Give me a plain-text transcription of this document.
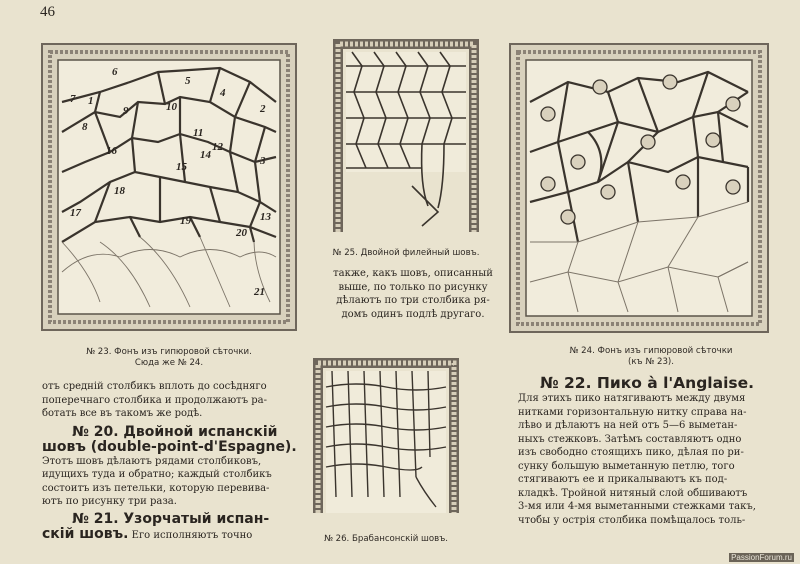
46
1
2
3
4
5
6
7
8
9	10
11
12
13
14
15
16
17
18
19
20
21
№ 23. Фонъ изъ гипюровой сѣточки.
Сюда же № 24.
№ 25. Двойной филейный шовъ.

также, какъ шовъ, описанный

выше, по только по рисунку

дѣлаютъ по три столбика ря-

домъ одинъ подлѣ другаго.

№ 24. Фонъ изъ гипюровой сѣточки
(къ № 23).
№ 26. Брабансонскій шовъ.

отъ средній столбикъ вплоть до сосѣдняго

поперечнаго столбика и продолжаютъ ра-

ботать все въ такомъ же родѣ.

№ 20. Двойной испанскій

шовъ (double-point-d'Espagne).

Этотъ шовъ дѣлаютъ рядами столбиковъ,

идущихъ туда и обратно; каждый столбикъ

состоитъ изъ петельки, которую перевива-

ютъ по рисунку три раза.

№ 21. Узорчатый испан-

скій шовъ. Его исполняютъ точно

№ 22. Пико à l'Anglaise.

Для этихъ пико натягиваютъ между двумя

нитками горизонтальную нитку справа на-

лѣво и дѣлаютъ на ней отъ 5—6 выметан-

ныхъ стежковъ. Затѣмъ составляютъ одно

изъ свободно стоящихъ пико, дѣлая по ри-

сунку большую выметанную петлю, того

стягиваютъ ее и прикалываютъ къ под-

кладкѣ. Тройной нитяный слой обшиваютъ

3-мя или 4-мя выметанными стежками такъ,

чтобы у острія столбика помѣщалось толь-

PassionForum.ru
